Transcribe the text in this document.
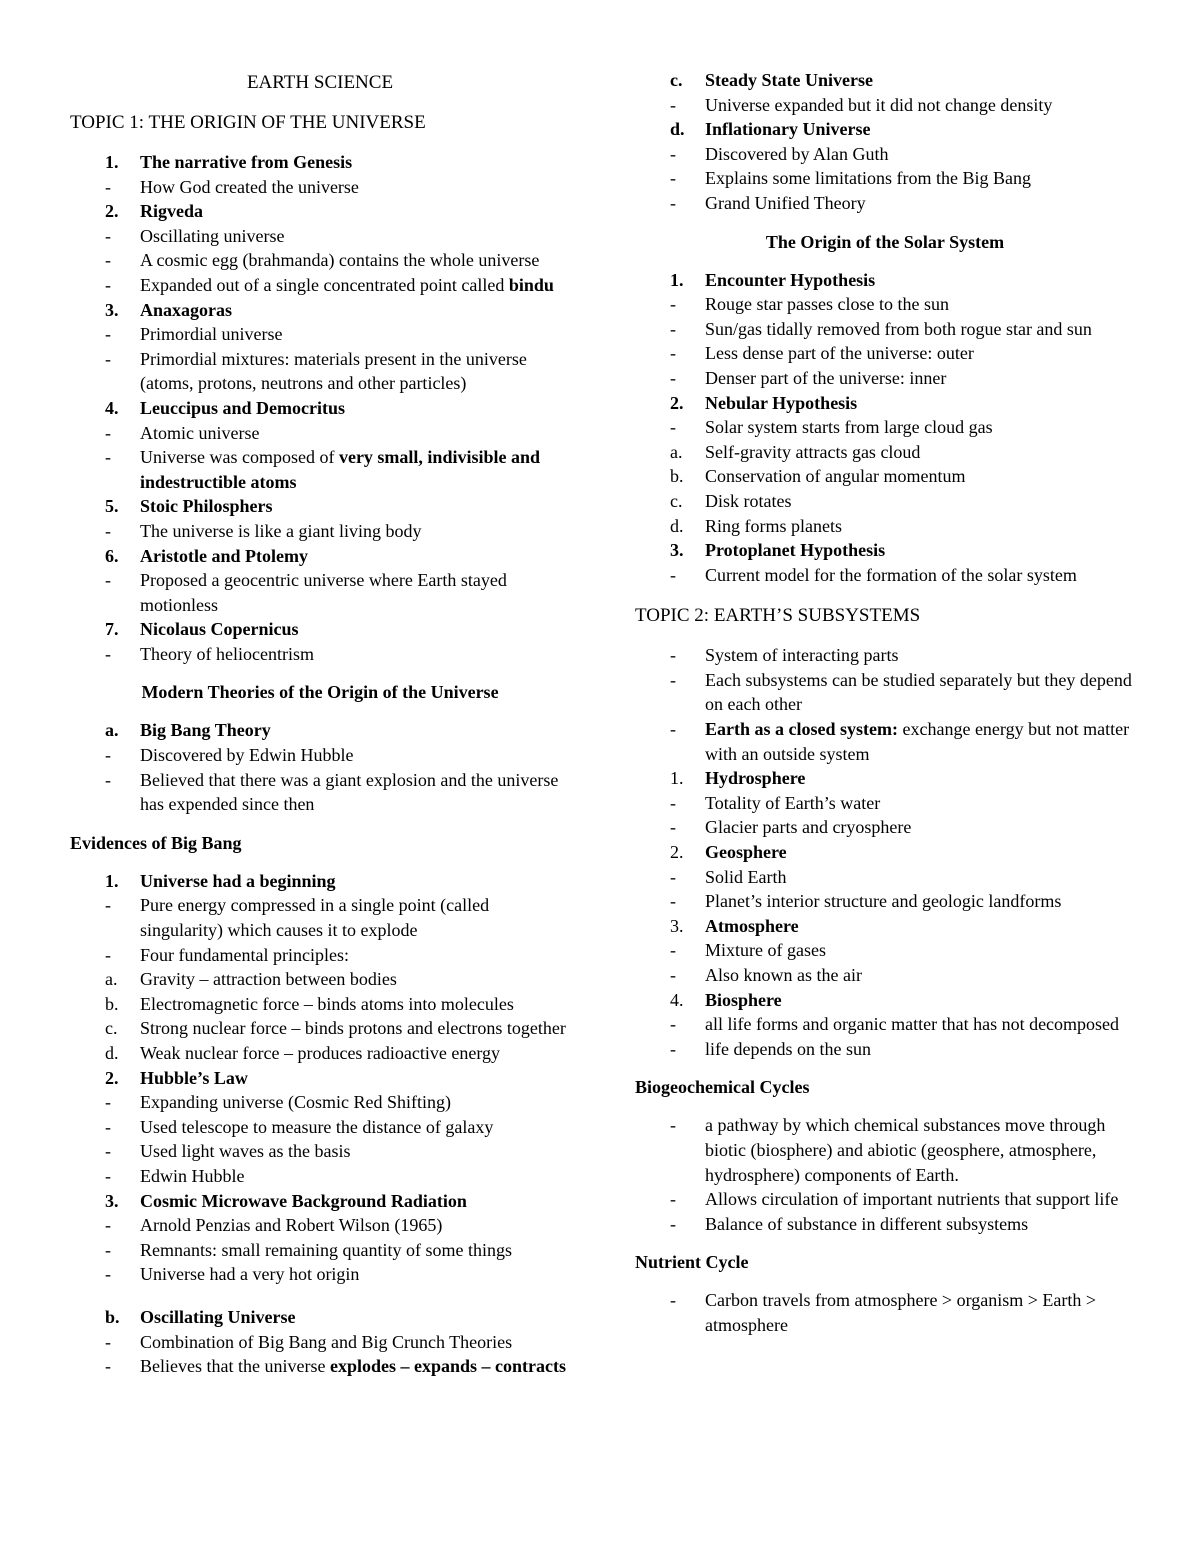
EARTH SCIENCE
TOPIC 1: THE ORIGIN OF THE UNIVERSE
1. The narrative from Genesis
- How God created the universe
2. Rigveda
- Oscillating universe
- A cosmic egg (brahmanda) contains the whole universe
- Expanded out of a single concentrated point called bindu
3. Anaxagoras
- Primordial universe
- Primordial mixtures: materials present in the universe (atoms, protons, neutrons and other particles)
4. Leuccipus and Democritus
- Atomic universe
- Universe was composed of very small, indivisible and indestructible atoms
5. Stoic Philosphers
- The universe is like a giant living body
6. Aristotle and Ptolemy
- Proposed a geocentric universe where Earth stayed motionless
7. Nicolaus Copernicus
- Theory of heliocentrism
Modern Theories of the Origin of the Universe
a. Big Bang Theory
- Discovered by Edwin Hubble
- Believed that there was a giant explosion and the universe has expended since then
Evidences of Big Bang
1. Universe had a beginning
- Pure energy compressed in a single point (called singularity) which causes it to explode
- Four fundamental principles:
a. Gravity – attraction between bodies
b. Electromagnetic force – binds atoms into molecules
c. Strong nuclear force – binds protons and electrons together
d. Weak nuclear force – produces radioactive energy
2. Hubble’s Law
- Expanding universe (Cosmic Red Shifting)
- Used telescope to measure the distance of galaxy
- Used light waves as the basis
- Edwin Hubble
3. Cosmic Microwave Background Radiation
- Arnold Penzias and Robert Wilson (1965)
- Remnants: small remaining quantity of some things
- Universe had a very hot origin
b. Oscillating Universe
- Combination of Big Bang and Big Crunch Theories
- Believes that the universe explodes – expands – contracts
c. Steady State Universe
- Universe expanded but it did not change density
d. Inflationary Universe
- Discovered by Alan Guth
- Explains some limitations from the Big Bang
- Grand Unified Theory
The Origin of the Solar System
1. Encounter Hypothesis
- Rouge star passes close to the sun
- Sun/gas tidally removed from both rogue star and sun
- Less dense part of the universe: outer
- Denser part of the universe: inner
2. Nebular Hypothesis
- Solar system starts from large cloud gas
a. Self-gravity attracts gas cloud
b. Conservation of angular momentum
c. Disk rotates
d. Ring forms planets
3. Protoplanet Hypothesis
- Current model for the formation of the solar system
TOPIC 2: EARTH’S SUBSYSTEMS
- System of interacting parts
- Each subsystems can be studied separately but they depend on each other
- Earth as a closed system: exchange energy but not matter with an outside system
1. Hydrosphere
- Totality of Earth’s water
- Glacier parts and cryosphere
2. Geosphere
- Solid Earth
- Planet’s interior structure and geologic landforms
3. Atmosphere
- Mixture of gases
- Also known as the air
4. Biosphere
- all life forms and organic matter that has not decomposed
- life depends on the sun
Biogeochemical Cycles
- a pathway by which chemical substances move through biotic (biosphere) and abiotic (geosphere, atmosphere, hydrosphere) components of Earth.
- Allows circulation of important nutrients that support life
- Balance of substance in different subsystems
Nutrient Cycle
- Carbon travels from atmosphere > organism > Earth > atmosphere
